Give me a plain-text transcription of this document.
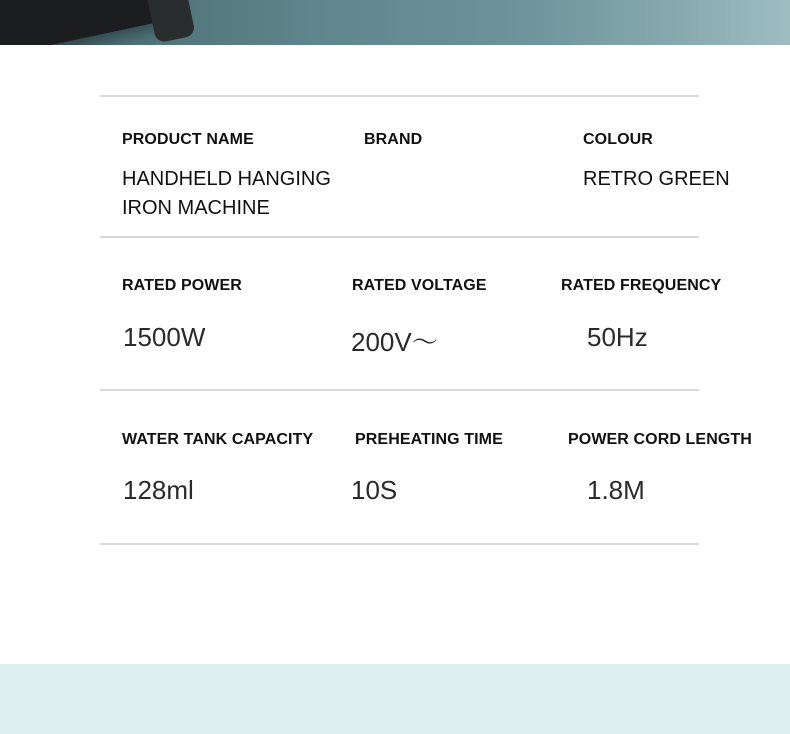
PRODUCT NAME
HANDHELD HANGING
IRON MACHINE
BRAND	COLOUR
RETRO GREEN
RATED POWER
1500W
RATED VOLTAGE
200V〜
RATED FREQUENCY
50Hz
WATER TANK CAPACITY
128ml
PREHEATING TIME
10S
POWER CORD LENGTH
1.8M
